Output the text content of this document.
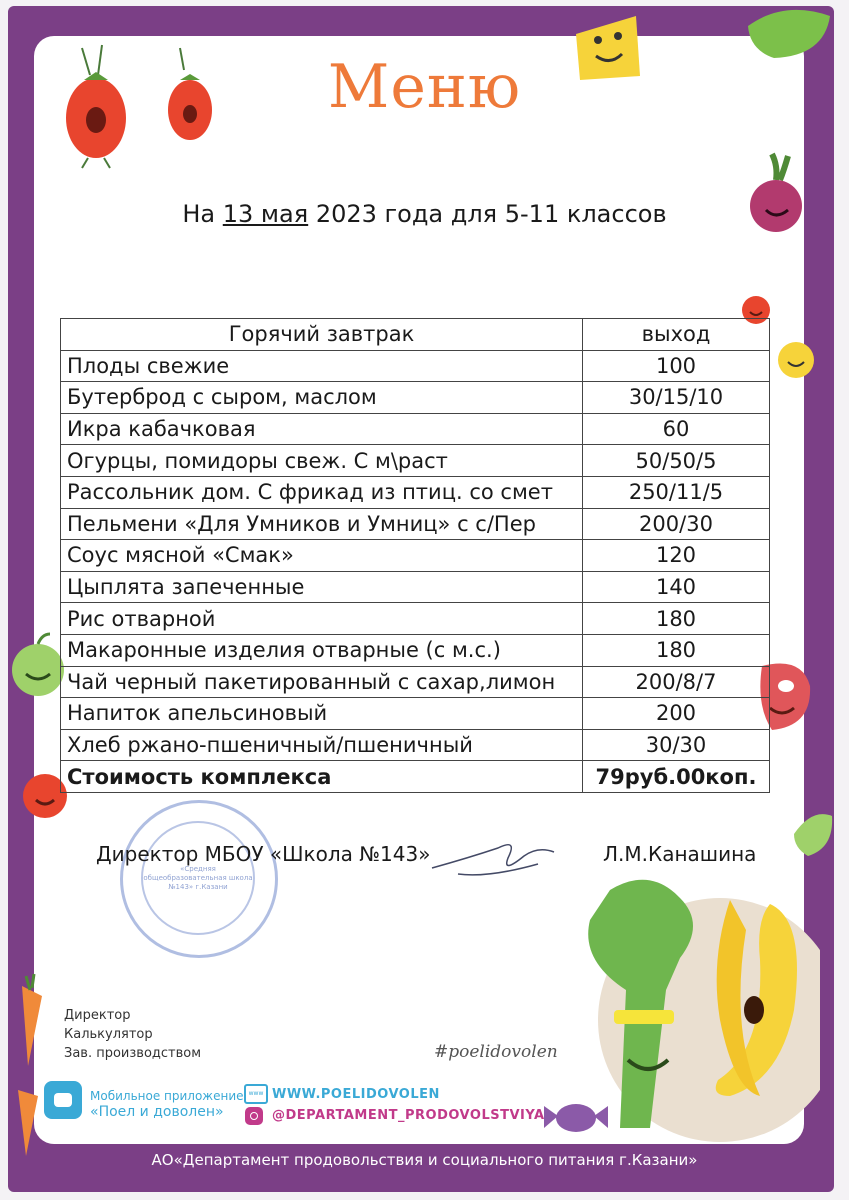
Меню
На 13 мая 2023 года для 5-11 классов
Горячий завтрак	выход
Плоды свежие	100
Бутерброд с сыром, маслом	30/15/10
Икра кабачковая	60
Огурцы, помидоры свеж. С м\раст	50/50/5
Рассольник дом. С фрикад из птиц. со смет	250/11/5
Пельмени «Для Умников и Умниц» с с/Пер	200/30
Соус мясной «Смак»	120
Цыплята запеченные	140
Рис отварной	180
Макаронные изделия отварные (с м.с.)	180
Чай черный пакетированный с сахар,лимон	200/8/7
Напиток апельсиновый	200
Хлеб ржано-пшеничный/пшеничный	30/30
Стоимость комплекса	79руб.00коп.
«Средняя общеобразовательная школа №143» г.Казани
Директор МБОУ «Школа №143»	Л.М.Канашина
Директор
Калькулятор
Зав. производством	#poelidovolen
Мобильное приложение
«Поел и доволен»
www WWW.POELIDOVOLEN
@DEPARTAMENT_PRODOVOLSTVIYA
АО«Департамент продовольствия и социального питания г.Казани»
